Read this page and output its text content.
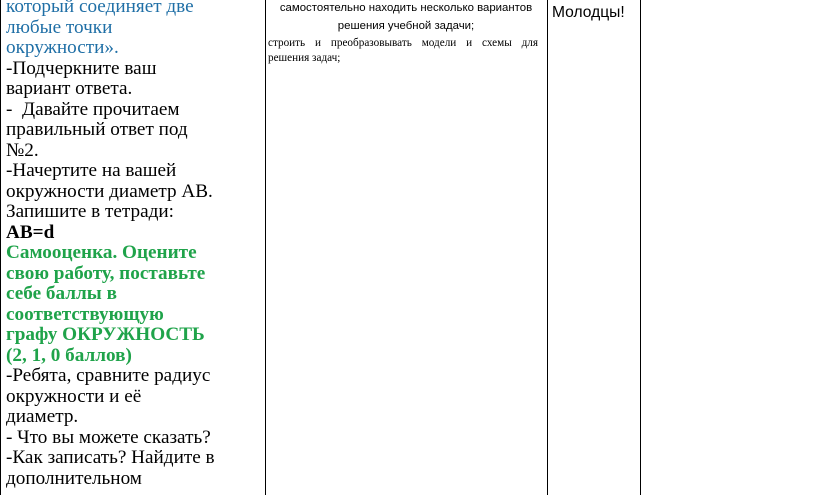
который соединяет две
любые точки
окружности».
-Подчеркните ваш
вариант ответа.
-  Давайте прочитаем
правильный ответ под
№2.
-Начертите на вашей
окружности диаметр АВ.
Запишите в тетради:
АВ=d
Самооценка. Оцените
свою работу, поставьте
себе баллы в
соответствующую
графу ОКРУЖНОСТЬ
(2, 1, 0 баллов)
-Ребята, сравните радиус
окружности и её
диаметр.
- Что вы можете сказать?
-Как записать? Найдите в
дополнительном
самостоятельно находить несколько вариантов
решения учебной задачи;
строить и преобразовывать модели и схемы для
решения задач;
Молодцы!
